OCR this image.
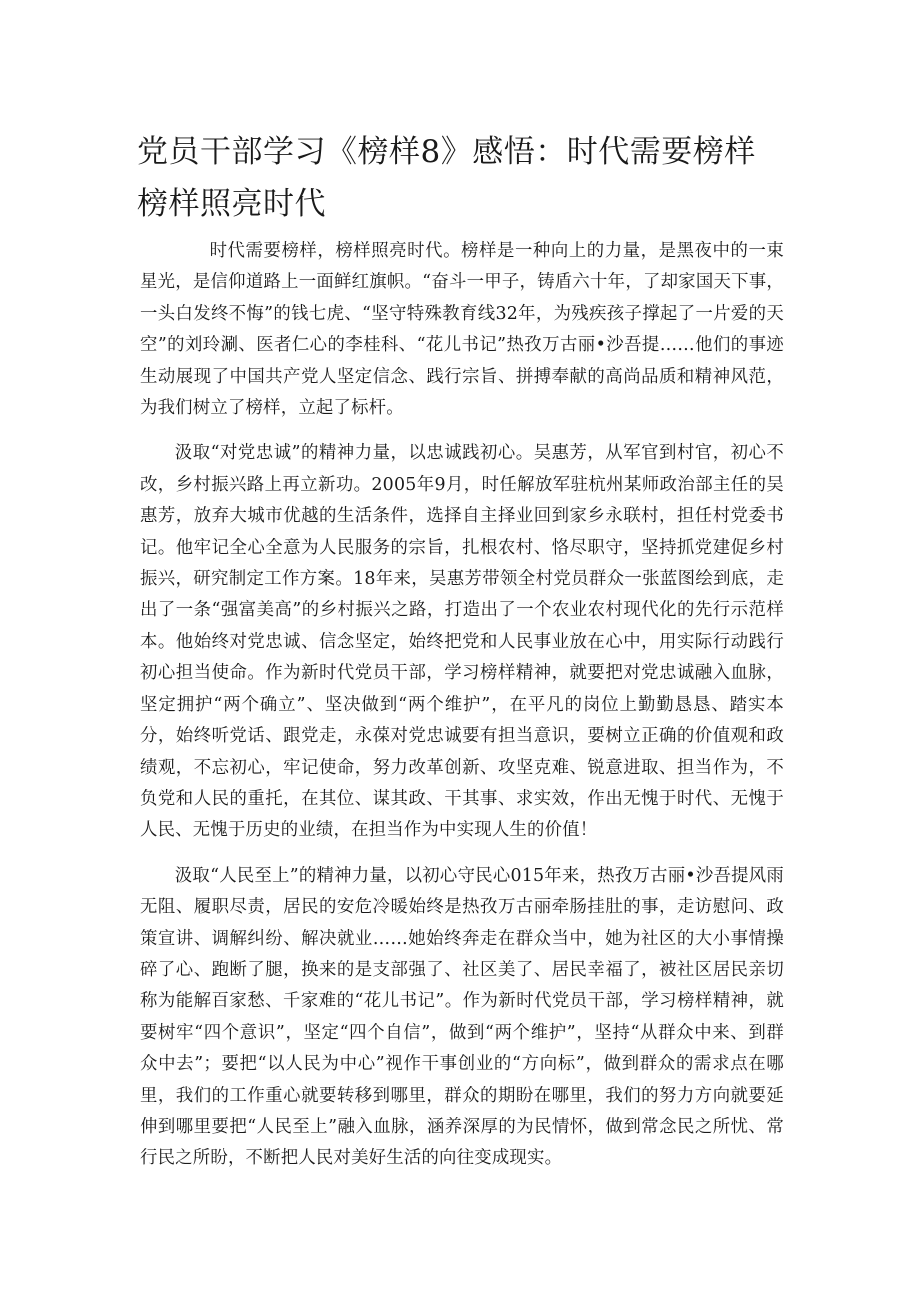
党员干部学习《榜样8》感悟：时代需要榜样榜样照亮时代

时代需要榜样，榜样照亮时代。榜样是一种向上的力量，是黑夜中的一束星光，是信仰道路上一面鲜红旗帜。“奋斗一甲子，铸盾六十年，了却家国天下事，一头白发终不悔”的钱七虎、“坚守特殊教育线32年，为残疾孩子撑起了一片爱的天空”的刘玲涮、医者仁心的李桂科、“花儿书记”热孜万古丽•沙吾提……他们的事迹生动展现了中国共产党人坚定信念、践行宗旨、拼搏奉献的高尚品质和精神风范，为我们树立了榜样，立起了标杆。

汲取“对党忠诚”的精神力量，以忠诚践初心。吴惠芳，从军官到村官，初心不改，乡村振兴路上再立新功。2005年9月，时任解放军驻杭州某师政治部主任的吴惠芳，放弃大城市优越的生活条件，选择自主择业回到家乡永联村，担任村党委书记。他牢记全心全意为人民服务的宗旨，扎根农村、恪尽职守，坚持抓党建促乡村振兴，研究制定工作方案。18年来，吴惠芳带领全村党员群众一张蓝图绘到底，走出了一条“强富美高”的乡村振兴之路，打造出了一个农业农村现代化的先行示范样本。他始终对党忠诚、信念坚定，始终把党和人民事业放在心中，用实际行动践行初心担当使命。作为新时代党员干部，学习榜样精神，就要把对党忠诚融入血脉，坚定拥护“两个确立”、坚决做到“两个维护”，在平凡的岗位上勤勤恳恳、踏实本分，始终听党话、跟党走，永葆对党忠诚要有担当意识，要树立正确的价值观和政绩观，不忘初心，牢记使命，努力改革创新、攻坚克难、锐意进取、担当作为，不负党和人民的重托，在其位、谋其政、干其事、求实效，作出无愧于时代、无愧于人民、无愧于历史的业绩，在担当作为中实现人生的价值！

汲取“人民至上”的精神力量，以初心守民心015年来，热孜万古丽•沙吾提风雨无阻、履职尽责，居民的安危冷暖始终是热孜万古丽牵肠挂肚的事，走访慰问、政策宣讲、调解纠纷、解决就业……她始终奔走在群众当中，她为社区的大小事情操碎了心、跑断了腿，换来的是支部强了、社区美了、居民幸福了，被社区居民亲切称为能解百家愁、千家难的“花儿书记”。作为新时代党员干部，学习榜样精神，就要树牢“四个意识”，坚定“四个自信”，做到“两个维护”，坚持“从群众中来、到群众中去”；要把“以人民为中心”视作干事创业的“方向标”，做到群众的需求点在哪里，我们的工作重心就要转移到哪里，群众的期盼在哪里，我们的努力方向就要延伸到哪里要把“人民至上”融入血脉，涵养深厚的为民情怀，做到常念民之所忧、常行民之所盼，不断把人民对美好生活的向往变成现实。
